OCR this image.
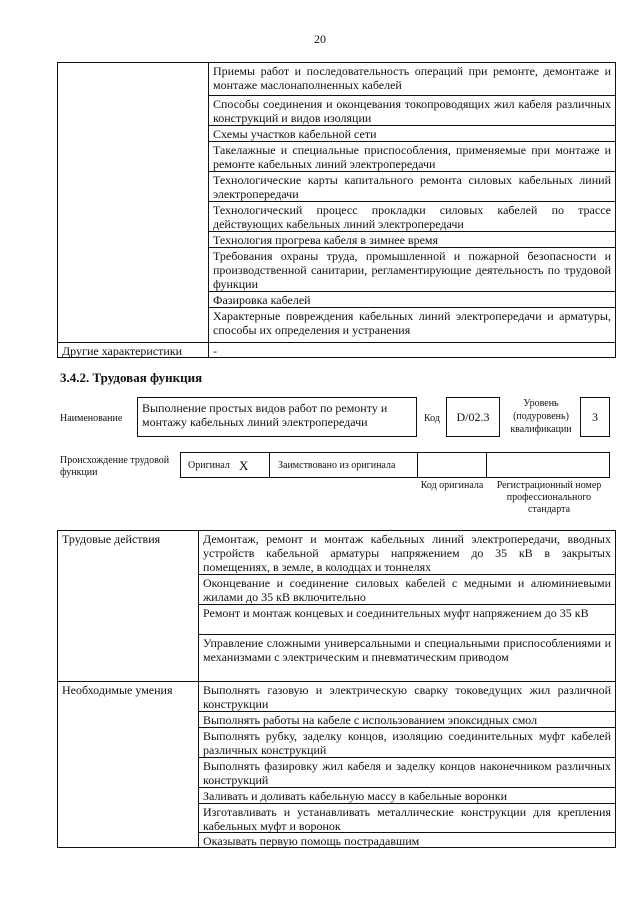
20
Приемы работ и последовательность операций при ремонте, демонтаже и монтаже маслонаполненных кабелей
Способы соединения и оконцевания токопроводящих жил кабеля различных конструкций и видов изоляции
Схемы участков кабельной сети
Такелажные и специальные приспособления, применяемые при монтаже и ремонте кабельных линий электропередачи
Технологические карты капитального ремонта силовых кабельных линий электропередачи
Технологический процесс прокладки силовых кабелей по трассе действующих кабельных линий электропередачи
Технология прогрева кабеля в зимнее время
Требования охраны труда, промышленной и пожарной безопасности и производственной санитарии, регламентирующие деятельность по трудовой функции
Фазировка кабелей
Характерные повреждения кабельных линий электропередачи и арматуры, способы их определения и устранения
Другие характеристики	-
3.4.2. Трудовая функция
Наименование
Выполнение простых видов работ по ремонту и монтажу кабельных линий электропередачи	Код	D/02.3
Уровень (подуровень) квалификации
3
Происхождение трудовой функции
Оригинал X	Заимствовано из оригинала
Код оригинала	Регистрационный номер профессионального стандарта
Трудовые действия	Демонтаж, ремонт и монтаж кабельных линий электропередачи, вводных устройств кабельной арматуры напряжением до 35 кВ в закрытых помещениях, в земле, в колодцах и тоннелях
Оконцевание и соединение силовых кабелей с медными и алюминиевыми жилами до 35 кВ включительно
Ремонт и монтаж концевых и соединительных муфт напряжением до 35 кВ
Управление сложными универсальными и специальными приспособлениями и механизмами с электрическим и пневматическим приводом
Необходимые умения	Выполнять газовую и электрическую сварку токоведущих жил различной конструкции
Выполнять работы на кабеле с использованием эпоксидных смол
Выполнять рубку, заделку концов, изоляцию соединительных муфт кабелей различных конструкций
Выполнять фазировку жил кабеля и заделку концов наконечником различных конструкций
Заливать и доливать кабельную массу в кабельные воронки
Изготавливать и устанавливать металлические конструкции для крепления кабельных муфт и воронок
Оказывать первую помощь пострадавшим
